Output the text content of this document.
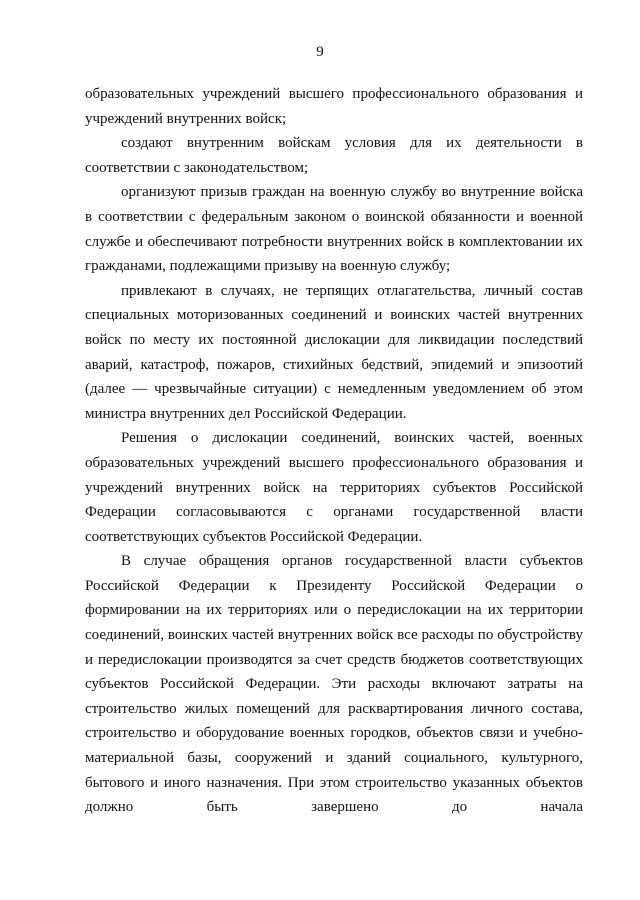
9

образовательных учреждений высшего профессионального образования и учреждений внутренних войск;

создают внутренним войскам условия для их деятельности в соответствии с законодательством;

организуют призыв граждан на военную службу во внутренние войска в соответствии с федеральным законом о воинской обязанности и военной службе и обеспечивают потребности внутренних войск в комплектовании их гражданами, подлежащими призыву на военную службу;

привлекают в случаях, не терпящих отлагательства, личный состав специальных моторизованных соединений и воинских частей внутренних войск по месту их постоянной дислокации для ликвидации последствий аварий, катастроф, пожаров, стихийных бедствий, эпидемий и эпизоотий (далее — чрезвычайные ситуации) с немедленным уведомлением об этом министра внутренних дел Российской Федерации.

Решения о дислокации соединений, воинских частей, военных образовательных учреждений высшего профессионального образования и учреждений внутренних войск на территориях субъектов Российской Федерации согласовываются с органами государственной власти соответствующих субъектов Российской Федерации.

В случае обращения органов государственной власти субъектов Российской Федерации к Президенту Российской Федерации о формировании на их территориях или о передислокации на их территории соединений, воинских частей внутренних войск все расходы по обустройству и передислокации производятся за счет средств бюджетов соответствующих субъектов Российской Федерации. Эти расходы включают затраты на строительство жилых помещений для расквартирования личного состава, строительство и оборудование военных городков, объектов связи и учебно-материальной базы, сооружений и зданий социального, культурного, бытового и иного назначения. При этом строительство указанных объектов должно быть завершено до начала
